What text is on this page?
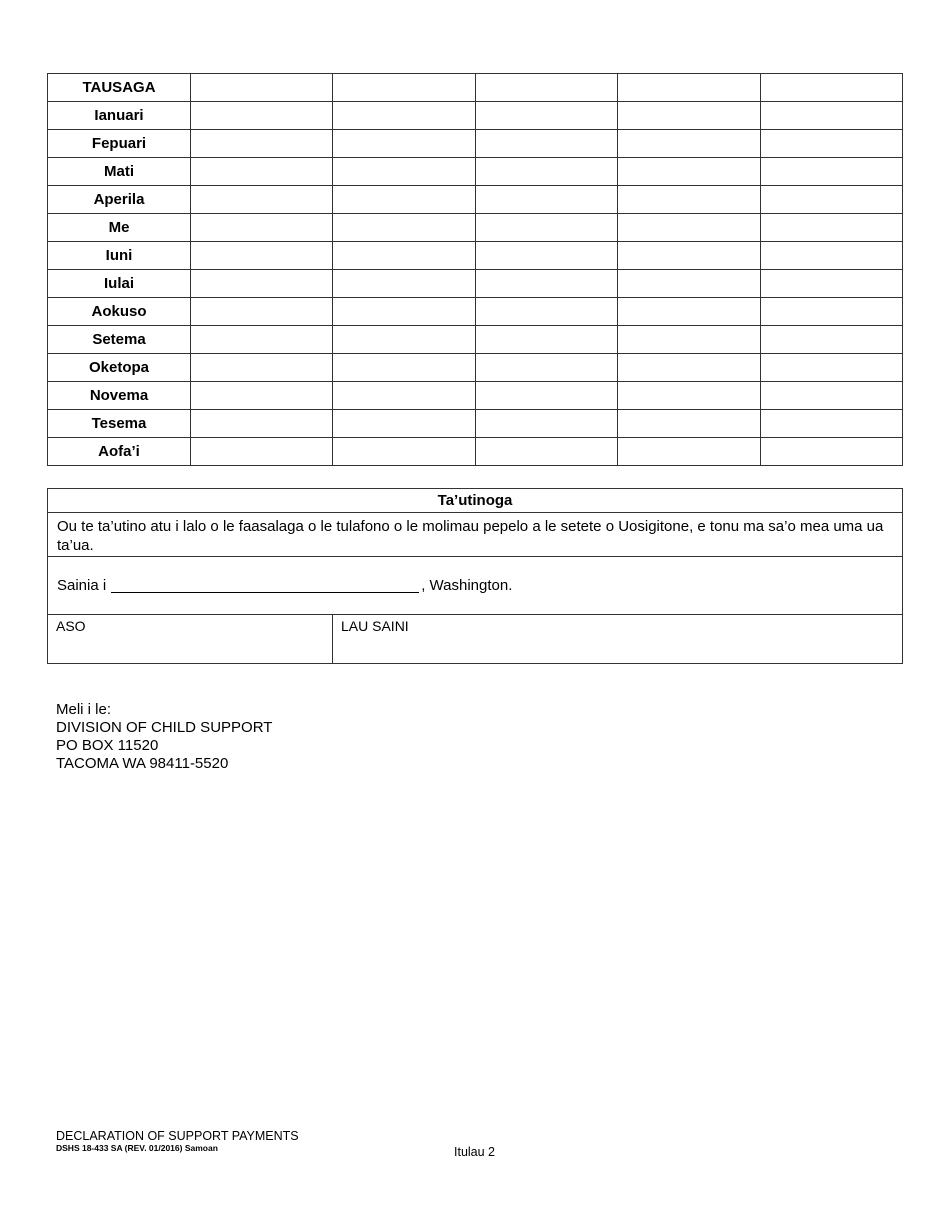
TAUSAGA					
Ianuari					
Fepuari					
Mati					
Aperila					
Me					
Iuni					
Iulai					
Aokuso					
Setema					
Oketopa					
Novema					
Tesema					
Aofa’i					
Ta’utinoga
Ou te ta’utino atu i lalo o le faasalaga o le tulafono o le molimau pepelo a le setete o Uosigitone, e tonu ma sa’o mea uma ua ta’ua.
Sainia i	, Washington.
ASO	LAU SAINI
Meli i le:
DIVISION OF CHILD SUPPORT
PO BOX 11520
TACOMA WA 98411-5520
DECLARATION OF SUPPORT PAYMENTS
DSHS 18-433 SA (REV. 01/2016) Samoan	Itulau 2
